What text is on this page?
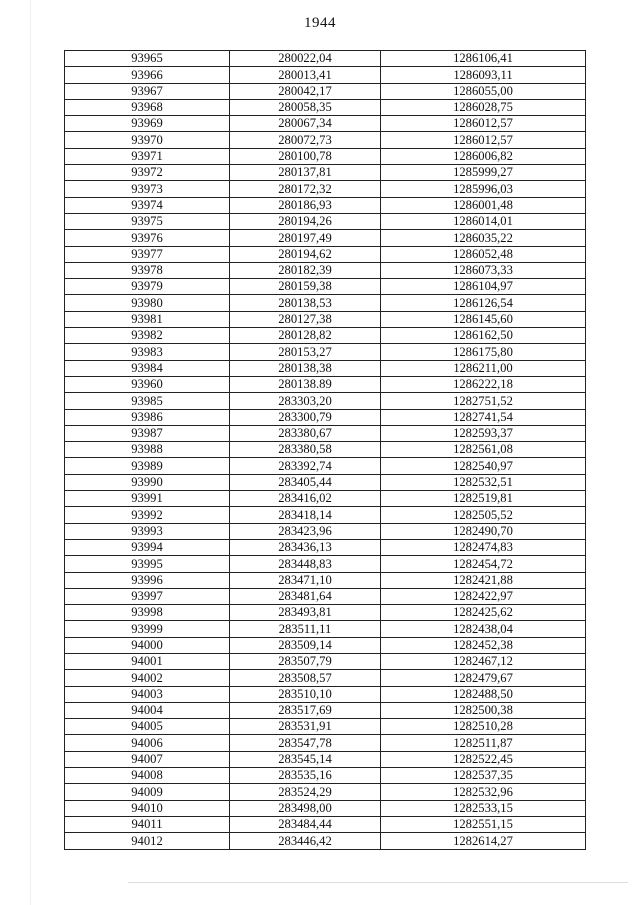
1944
93965	280022,04	1286106,41
93966	280013,41	1286093,11
93967	280042,17	1286055,00
93968	280058,35	1286028,75
93969	280067,34	1286012,57
93970	280072,73	1286012,57
93971	280100,78	1286006,82
93972	280137,81	1285999,27
93973	280172,32	1285996,03
93974	280186,93	1286001,48
93975	280194,26	1286014,01
93976	280197,49	1286035,22
93977	280194,62	1286052,48
93978	280182,39	1286073,33
93979	280159,38	1286104,97
93980	280138,53	1286126,54
93981	280127,38	1286145,60
93982	280128,82	1286162,50
93983	280153,27	1286175,80
93984	280138,38	1286211,00
93960	280138.89	1286222,18
93985	283303,20	1282751,52
93986	283300,79	1282741,54
93987	283380,67	1282593,37
93988	283380,58	1282561,08
93989	283392,74	1282540,97
93990	283405,44	1282532,51
93991	283416,02	1282519,81
93992	283418,14	1282505,52
93993	283423,96	1282490,70
93994	283436,13	1282474,83
93995	283448,83	1282454,72
93996	283471,10	1282421,88
93997	283481,64	1282422,97
93998	283493,81	1282425,62
93999	283511,11	1282438,04
94000	283509,14	1282452,38
94001	283507,79	1282467,12
94002	283508,57	1282479,67
94003	283510,10	1282488,50
94004	283517,69	1282500,38
94005	283531,91	1282510,28
94006	283547,78	1282511,87
94007	283545,14	1282522,45
94008	283535,16	1282537,35
94009	283524,29	1282532,96
94010	283498,00	1282533,15
94011	283484,44	1282551,15
94012	283446,42	1282614,27
